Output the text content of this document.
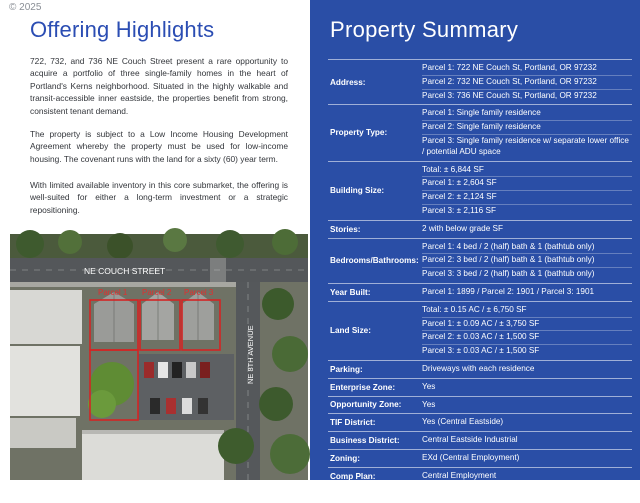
© 2025
Offering Highlights

722, 732, and 736 NE Couch Street present a rare opportunity to acquire a portfolio of three single-family homes in the heart of Portland's Kerns neighborhood. Situated in the highly walkable and transit-accessible inner eastside, the properties benefit from strong, consistent tenant demand.

The property is subject to a Low Income Housing Development Agreement whereby the property must be used for low-income housing. The covenant runs with the land for a sixty (60) year term.

With limited available inventory in this core submarket, the offering is well-suited for either a long-term investment or a strategic repositioning.

NE COUCH STREET
Parcel 1 Parcel 2 Parcel 3
NE 8TH AVENUE
Property Summary
Address:
Parcel 1: 722 NE Couch St, Portland, OR 97232
Parcel 2: 732 NE Couch St, Portland, OR 97232
Parcel 3: 736 NE Couch St, Portland, OR 97232
Property Type:
Parcel 1: Single family residence
Parcel 2: Single family residence
Parcel 3: Single family residence w/ separate lower office / potential ADU space
Building Size:
Total: ± 6,844 SF
Parcel 1: ± 2,604 SF
Parcel 2: ± 2,124 SF
Parcel 3: ± 2,116 SF
Stories:	2 with below grade SF
Bedrooms/Bathrooms:
Parcel 1: 4 bed / 2 (half) bath & 1 (bathtub only)
Parcel 2: 3 bed / 2 (half) bath & 1 (bathtub only)
Parcel 3: 3 bed / 2 (half) bath & 1 (bathtub only)
Year Built:	Parcel 1: 1899 / Parcel 2: 1901 / Parcel 3: 1901
Land Size:
Total: ± 0.15 AC / ± 6,750 SF
Parcel 1: ± 0.09 AC / ± 3,750 SF
Parcel 2: ± 0.03 AC / ± 1,500 SF
Parcel 3: ± 0.03 AC / ± 1,500 SF
Parking:	Driveways with each residence
Enterprise Zone:	Yes
Opportunity Zone:	Yes
TIF District:	Yes (Central Eastside)
Business District:	Central Eastside Industrial
Zoning:	EXd (Central Employment)
Comp Plan:	Central Employment
Parcel(s):	R150299 / R150300 / R150301
